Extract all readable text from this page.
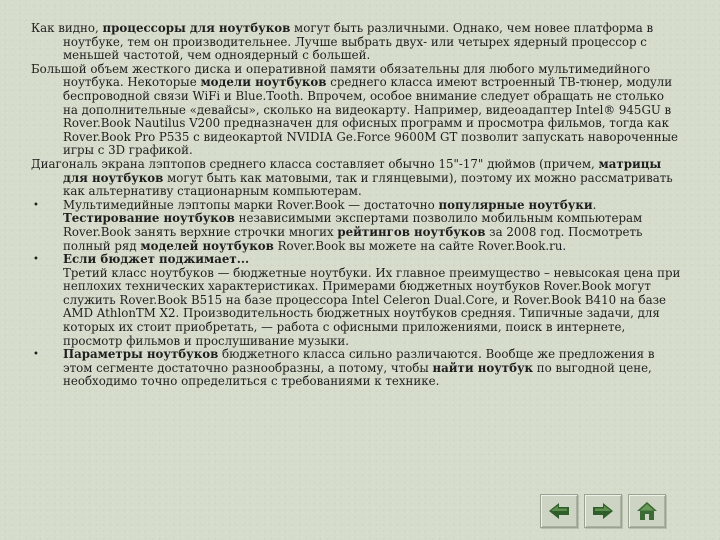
Как видно, процессоры для ноутбуков могут быть различными. Однако, чем новее платформа в ноутбуке, тем он производительнее. Лучше выбрать двух- или четырех ядерный процессор с меньшей частотой, чем одноядерный с большей.

Большой объем жесткого диска и оперативной памяти обязательны для любого мультимедийного ноутбука. Некоторые модели ноутбуков среднего класса имеют встроенный ТВ-тюнер, модули беспроводной связи WiFi и Blue.Tooth. Впрочем, особое внимание следует обращать не столько на дополнительные «девайсы», сколько на видеокарту. Например, видеоадаптер Intel® 945GU в Rover.Book Nautilus V200 предназначен для офисных программ и просмотра фильмов, тогда как Rover.Book Pro P535 с видеокартой NVIDIA Ge.Force 9600M GT позволит запускать навороченные игры с 3D графикой.

Диагональ экрана лэптопов среднего класса составляет обычно 15"-17" дюймов (причем, матрицы для ноутбуков могут быть как матовыми, так и глянцевыми), поэтому их можно рассматривать как альтернативу стационарным компьютерам.

• Мультимедийные лэптопы марки Rover.Book — достаточно популярные ноутбуки. Тестирование ноутбуков независимыми экспертами позволило мобильным компьютерам Rover.Book занять верхние строчки многих рейтингов ноутбуков за 2008 год. Посмотреть полный ряд моделей ноутбуков Rover.Book вы можете на сайте Rover.Book.ru.
• Если бюджет поджимает...
Третий класс ноутбуков — бюджетные ноутбуки. Их главное преимущество – невысокая цена при неплохих технических характеристиках. Примерами бюджетных ноутбуков Rover.Book могут служить Rover.Book B515 на базе процессора Intel Celeron Dual.Core, и Rover.Book B410 на базе AMD AthlonTM X2. Производительность бюджетных ноутбуков средняя. Типичные задачи, для которых их стоит приобретать, — работа с офисными приложениями, поиск в интернете, просмотр фильмов и прослушивание музыки.
• Параметры ноутбуков бюджетного класса сильно различаются. Вообще же предложения в этом сегменте достаточно разнообразны, а потому, чтобы найти ноутбук по выгодной цене, необходимо точно определиться с требованиями к технике.
